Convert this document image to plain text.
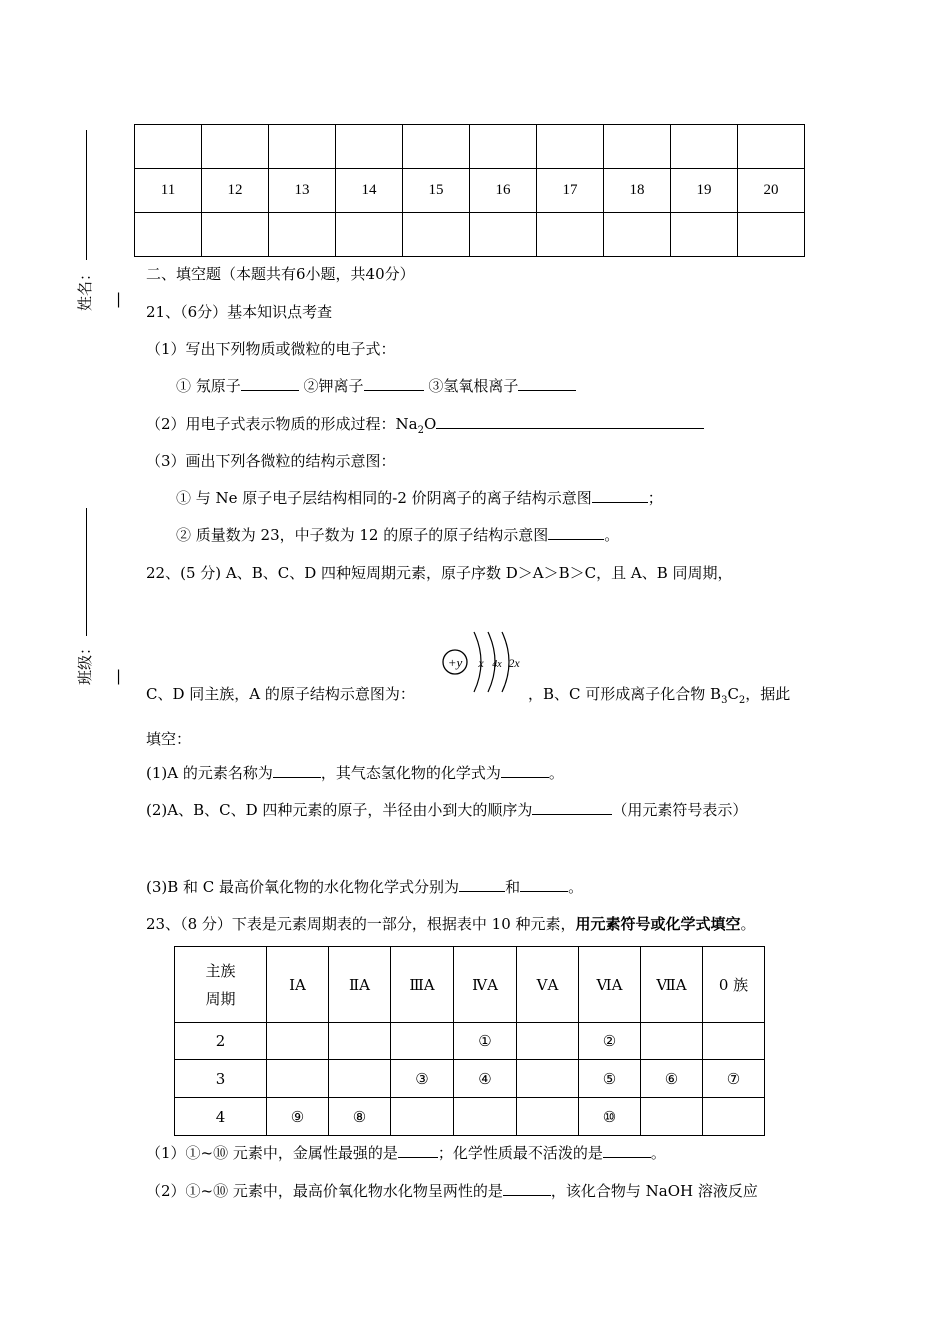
姓名： |
班级： |

11	12	13	14	15	16	17	18	19	20

二、填空题（本题共有6小题，共40分）
21、（6分）基本知识点考查
（1）写出下列物质或微粒的电子式：
① 氖原子	②钾离子	③氢氧根离子
（2）用电子式表示物质的形成过程：$Na_2O$
（3）画出下列各微粒的结构示意图：
① 与 Ne 原子电子层结构相同的-2 价阴离子的离子结构示意图	；
② 质量数为 23，中子数为 12 的原子的原子结构示意图	。
22、(5 分) A、B、C、D 四种短周期元素，原子序数 D＞A＞B＞C，且 A、B 同周期，
+y x 4x 2x
C、D 同主族，A 的原子结构示意图为：	，B、C 可形成离子化合物 $B_3C_2$，据此
填空：
(1)A 的元素名称为	，其气态氢化物的化学式为	。
(2)A、B、C、D 四种元素的原子，半径由小到大的顺序为	（用元素符号表示）
(3)B 和 C 最高价氧化物的水化物化学式分别为	和	。
23、（8 分）下表是元素周期表的一部分，根据表中 10 种元素，用元素符号或化学式填空。
主族
周期	ⅠA	ⅡA	ⅢA	ⅣA	ⅤA	ⅥA	ⅦA	0 族
2				①		②		
3			③	④		⑤	⑥	⑦
4	⑨	⑧				⑩		
（1）①~⑩ 元素中，金属性最强的是	；化学性质最不活泼的是	。
（2）①~⑩ 元素中，最高价氧化物水化物呈两性的是	，该化合物与 NaOH 溶液反应
